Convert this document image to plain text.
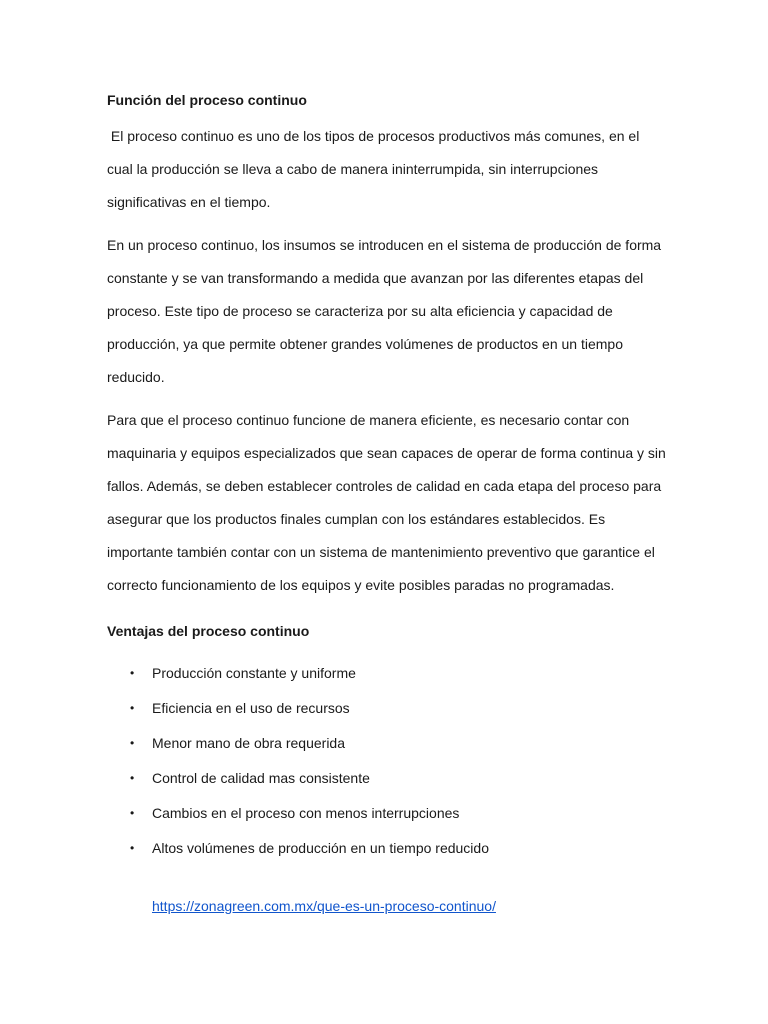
Función del proceso continuo

El proceso continuo es uno de los tipos de procesos productivos más comunes, en el cual la producción se lleva a cabo de manera ininterrumpida, sin interrupciones significativas en el tiempo.

En un proceso continuo, los insumos se introducen en el sistema de producción de forma constante y se van transformando a medida que avanzan por las diferentes etapas del proceso. Este tipo de proceso se caracteriza por su alta eficiencia y capacidad de producción, ya que permite obtener grandes volúmenes de productos en un tiempo reducido.

Para que el proceso continuo funcione de manera eficiente, es necesario contar con maquinaria y equipos especializados que sean capaces de operar de forma continua y sin fallos. Además, se deben establecer controles de calidad en cada etapa del proceso para asegurar que los productos finales cumplan con los estándares establecidos. Es importante también contar con un sistema de mantenimiento preventivo que garantice el correcto funcionamiento de los equipos y evite posibles paradas no programadas.

Ventajas del proceso continuo
• Producción constante y uniforme
• Eficiencia en el uso de recursos
• Menor mano de obra requerida
• Control de calidad mas consistente
• Cambios en el proceso con menos interrupciones
• Altos volúmenes de producción en un tiempo reducido
https://zonagreen.com.mx/que-es-un-proceso-continuo/
